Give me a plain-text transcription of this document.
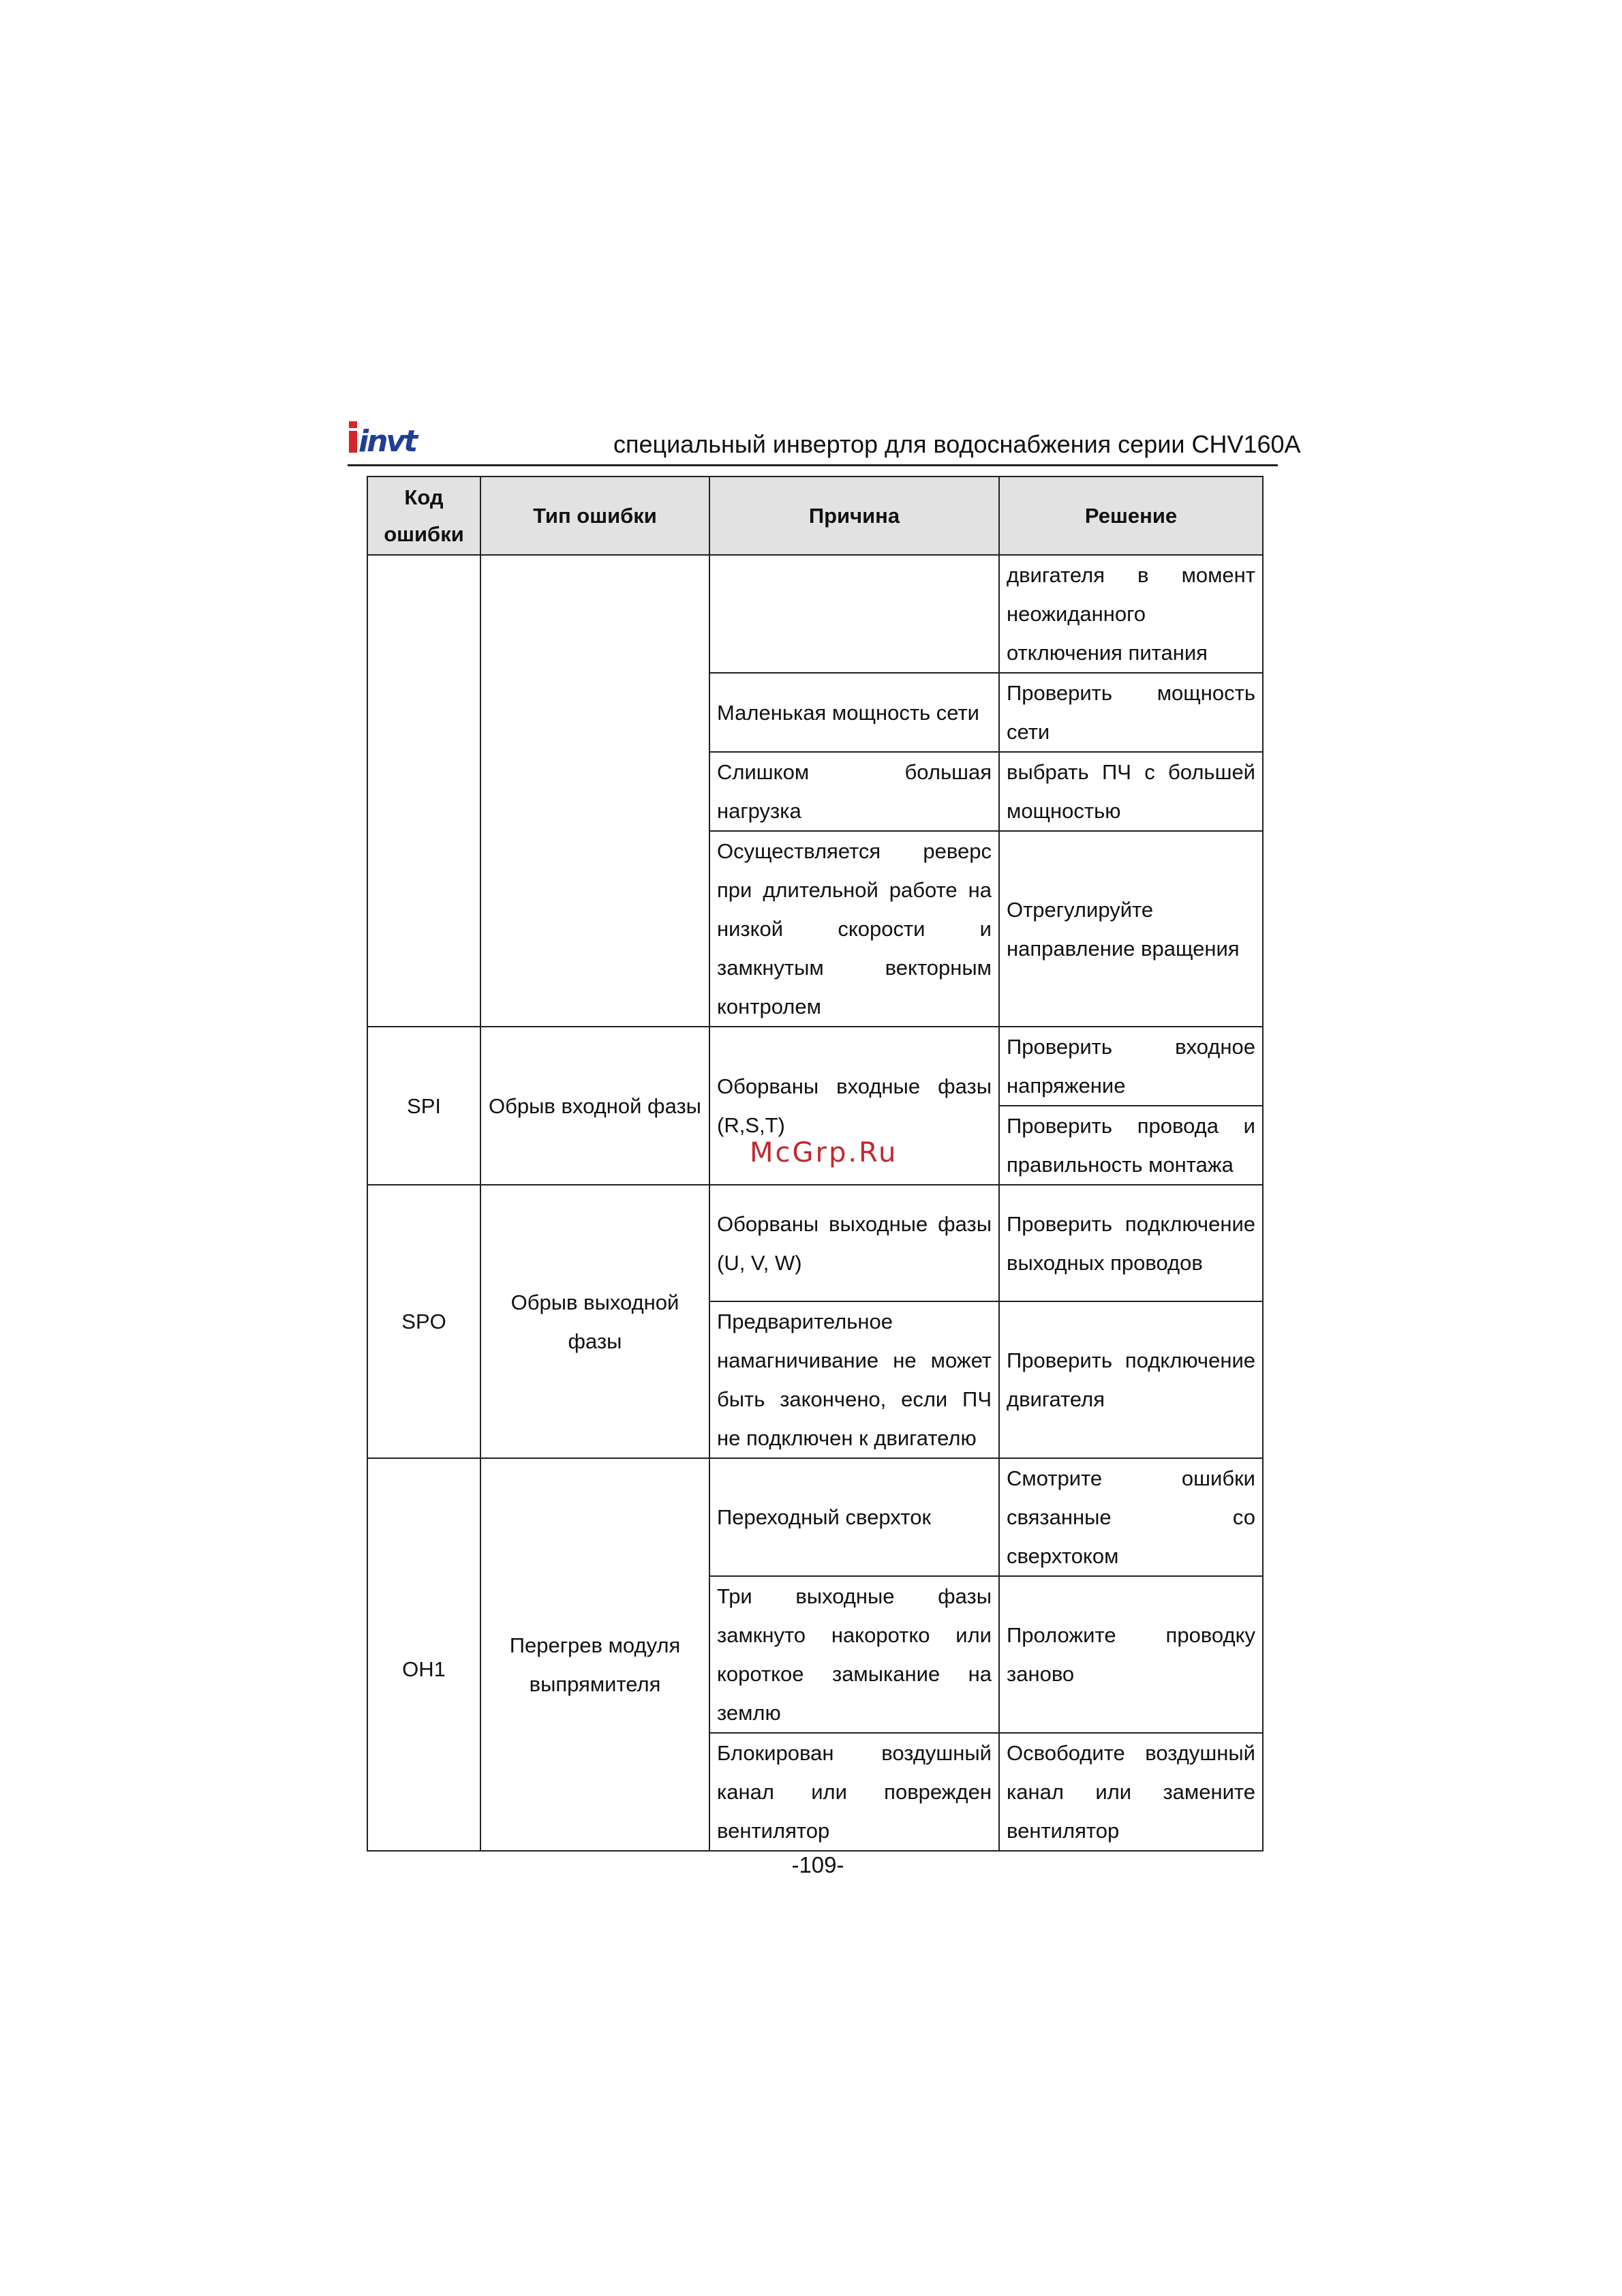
invt	специальный инвертор для водоснабжения серии CHV160A
Код ошибки	Тип ошибки	Причина	Решение
			двигателя в момент неожиданного отключения питания
		Маленькая мощность сети	Проверить мощность сети
		Слишком большая нагрузка	выбрать ПЧ с большей мощностью
		Осуществляется реверс при длительной работе на низкой скорости и замкнутым векторным контролем	Отрегулируйте направление вращения
SPI	Обрыв входной фазы	Оборваны входные фазы (R,S,T)	Проверить входное напряжение
			Проверить провода и правильность монтажа
SPO	Обрыв выходной фазы	Оборваны выходные фазы (U, V, W)	Проверить подключение выходных проводов
		Предварительное намагничивание не может быть закончено, если ПЧ не подключен к двигателю	Проверить подключение двигателя
OH1	Перегрев модуля выпрямителя	Переходный сверхток	Смотрите ошибки связанные со сверхтоком
		Три выходные фазы замкнуто накоротко или короткое замыкание на землю	Проложите проводку заново
		Блокирован воздушный канал или поврежден вентилятор	Освободите воздушный канал или замените вентилятор
McGrp.Ru
-109-
